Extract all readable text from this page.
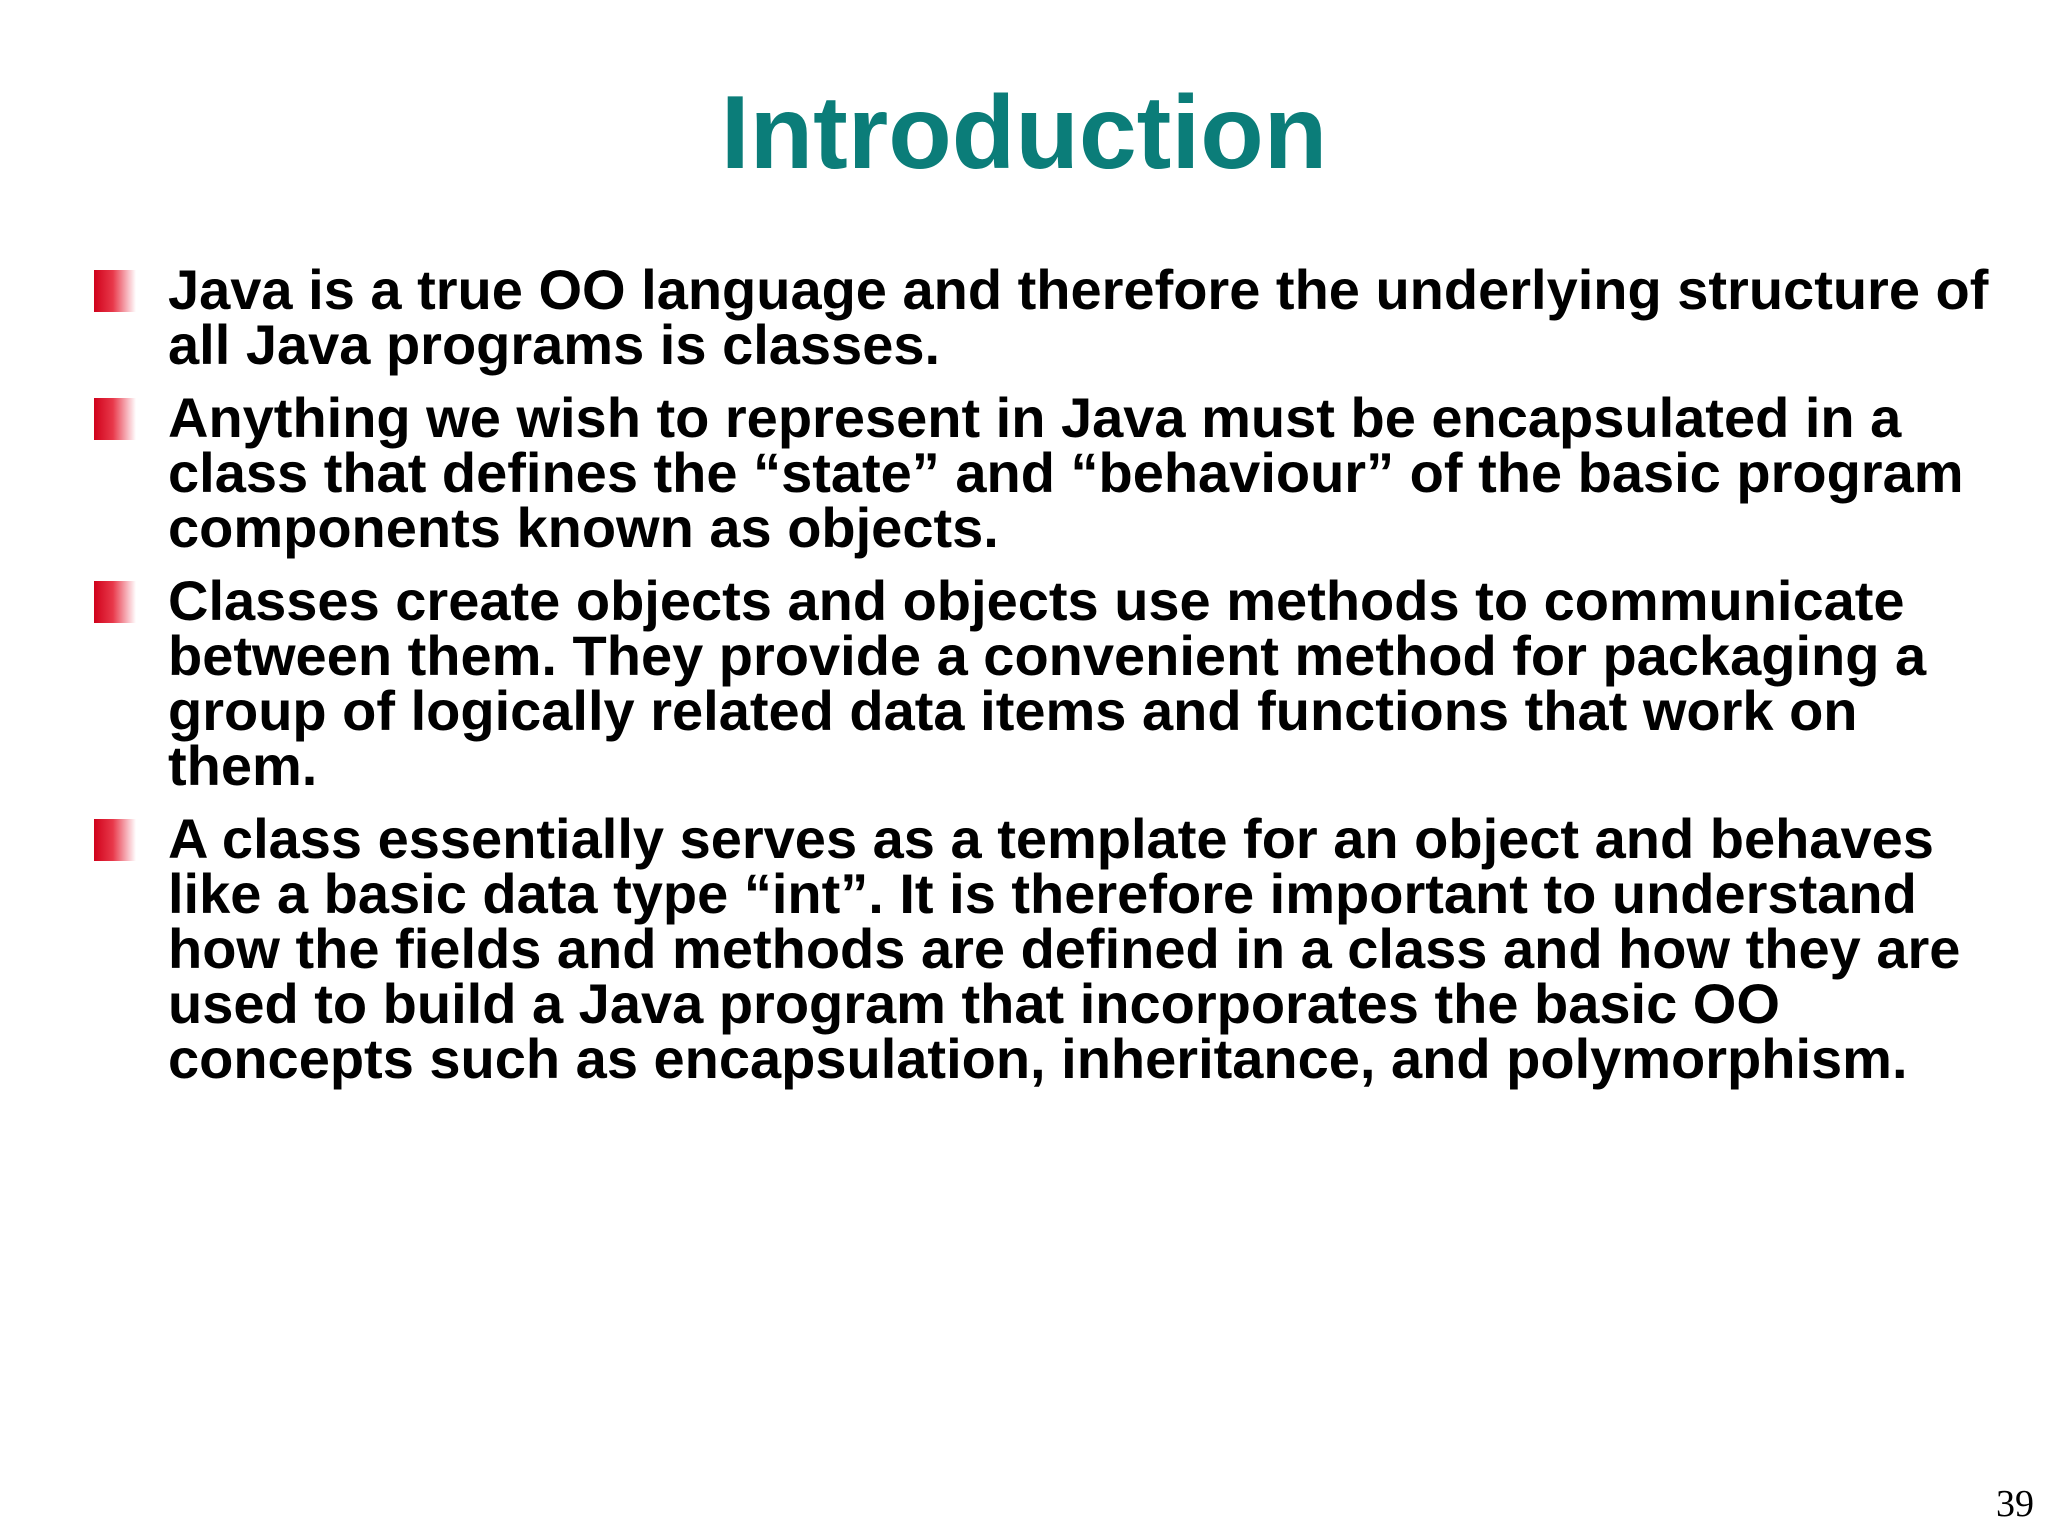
Introduction

Java is a true OO language and therefore the underlying structure of all Java programs is classes.

Anything we wish to represent in Java must be encapsulated in a class that defines the “state” and “behaviour” of the basic program components known as objects.

Classes create objects and objects use methods to communicate between them. They provide a convenient method for packaging a group of logically related data items and functions that work on them.

A class essentially serves as a template for an object and behaves like a basic data type “int”. It is therefore important to understand how the fields and methods are defined in a class and how they are used to build a Java program that incorporates the basic OO concepts such as encapsulation, inheritance, and polymorphism.

39
